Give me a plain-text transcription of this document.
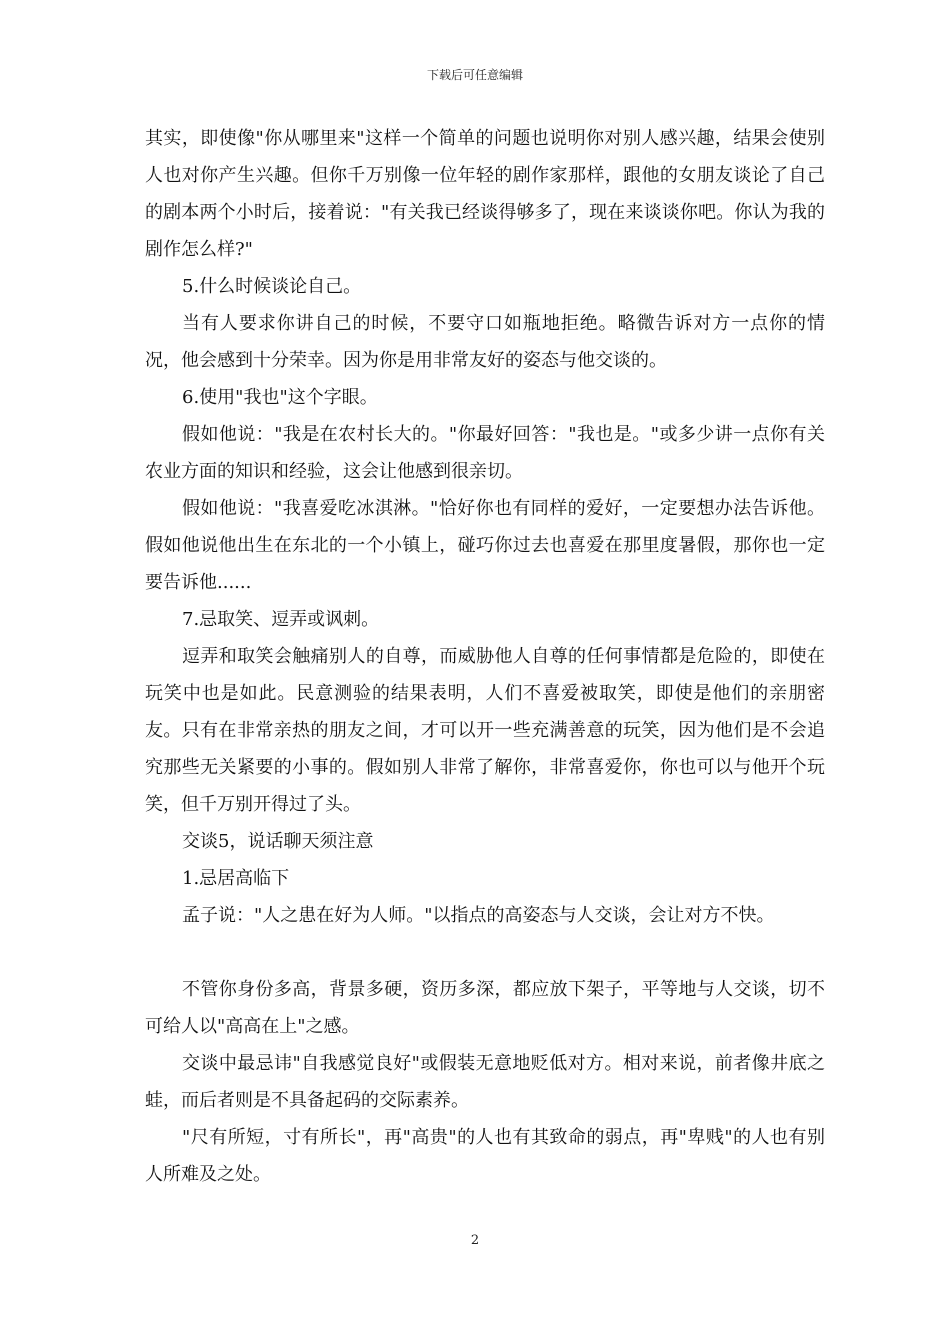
下载后可任意编辑

其实，即使像"你从哪里来"这样一个简单的问题也说明你对别人感兴趣，结果会使别人也对你产生兴趣。但你千万别像一位年轻的剧作家那样，跟他的女朋友谈论了自己的剧本两个小时后，接着说："有关我已经谈得够多了，现在来谈谈你吧。你认为我的剧作怎么样?"

5.什么时候谈论自己。

当有人要求你讲自己的时候，不要守口如瓶地拒绝。略微告诉对方一点你的情况，他会感到十分荣幸。因为你是用非常友好的姿态与他交谈的。

6.使用"我也"这个字眼。

假如他说："我是在农村长大的。"你最好回答："我也是。"或多少讲一点你有关农业方面的知识和经验，这会让他感到很亲切。

假如他说："我喜爱吃冰淇淋。"恰好你也有同样的爱好，一定要想办法告诉他。假如他说他出生在东北的一个小镇上，碰巧你过去也喜爱在那里度暑假，那你也一定要告诉他......

7.忌取笑、逗弄或讽刺。

逗弄和取笑会触痛别人的自尊，而威胁他人自尊的任何事情都是危险的，即使在玩笑中也是如此。民意测验的结果表明，人们不喜爱被取笑，即使是他们的亲朋密友。只有在非常亲热的朋友之间，才可以开一些充满善意的玩笑，因为他们是不会追究那些无关紧要的小事的。假如别人非常了解你，非常喜爱你，你也可以与他开个玩笑，但千万别开得过了头。

交谈5，说话聊天须注意

1.忌居高临下

孟子说："人之患在好为人师。"以指点的高姿态与人交谈，会让对方不快。

不管你身份多高，背景多硬，资历多深，都应放下架子，平等地与人交谈，切不可给人以"高高在上"之感。

交谈中最忌讳"自我感觉良好"或假装无意地贬低对方。相对来说，前者像井底之蛙，而后者则是不具备起码的交际素养。

"尺有所短，寸有所长"，再"高贵"的人也有其致命的弱点，再"卑贱"的人也有别人所难及之处。

2
